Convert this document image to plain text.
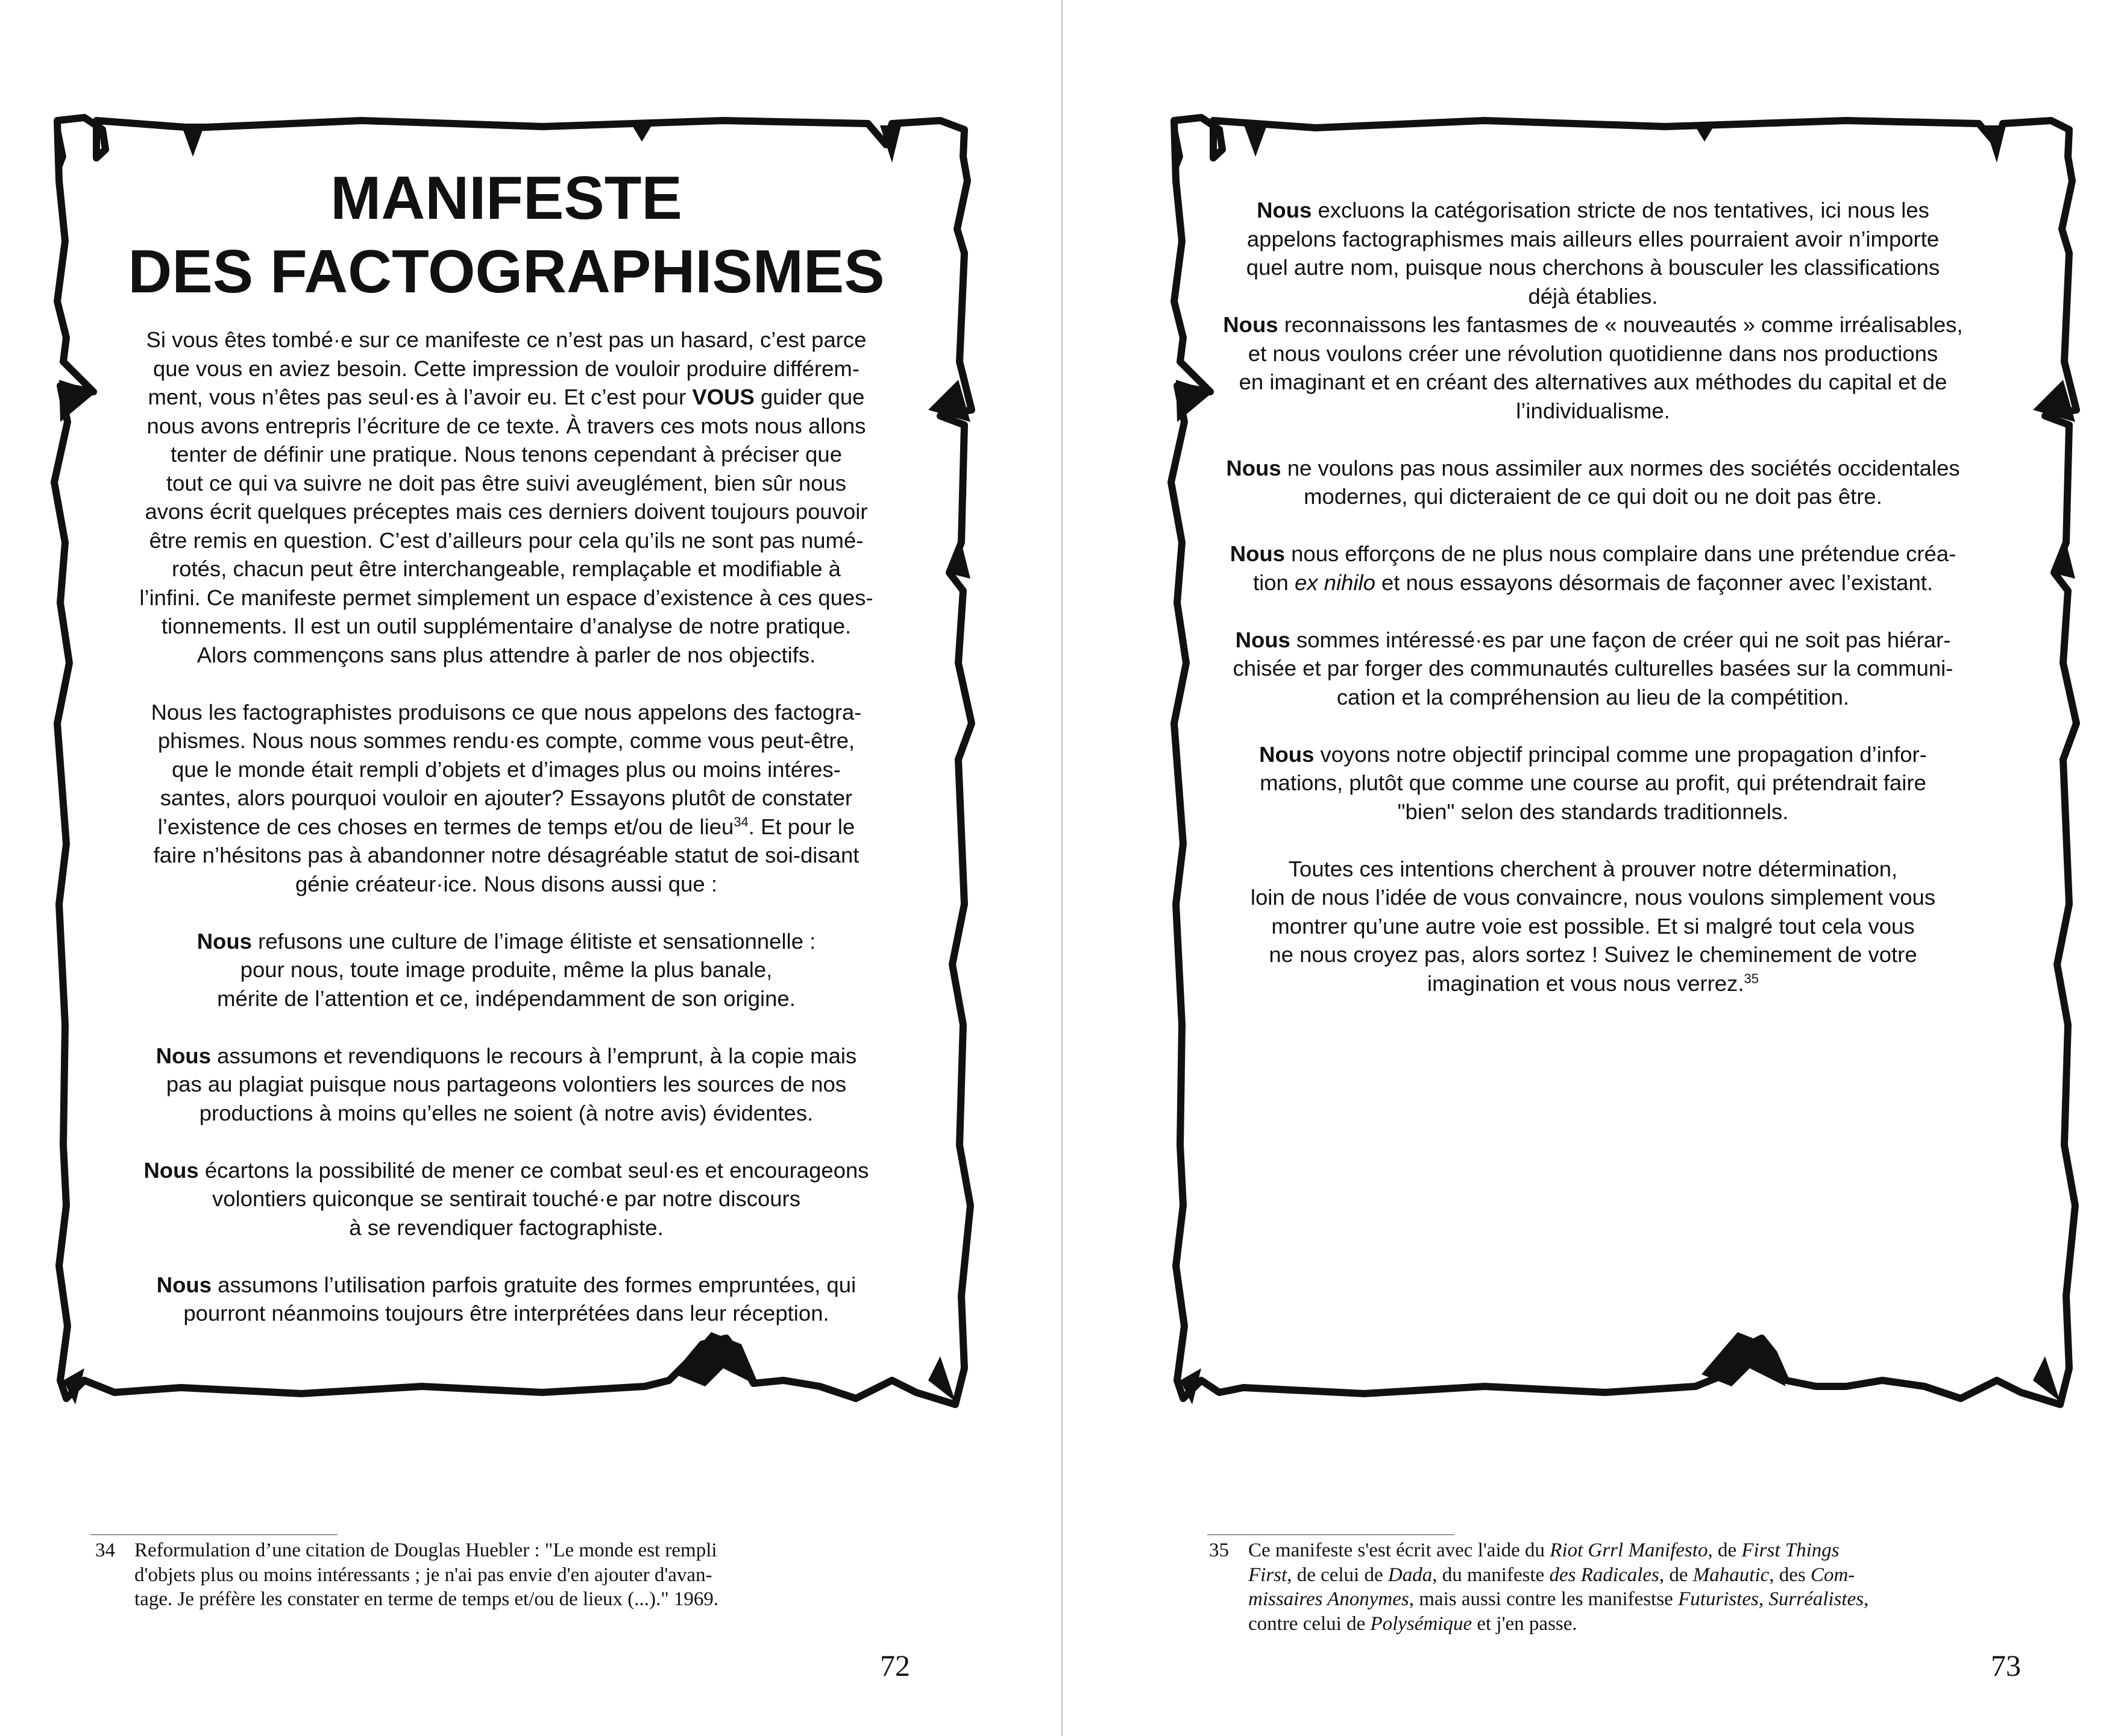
MANIFESTE
DES FACTOGRAPHISMES
Si vous êtes tombé·e sur ce manifeste ce n’est pas un hasard, c’est parce
que vous en aviez besoin. Cette impression de vouloir produire différem-
ment, vous n’êtes pas seul·es à l’avoir eu. Et c’est pour VOUS guider que
nous avons entrepris l’écriture de ce texte. À travers ces mots nous allons
tenter de définir une pratique. Nous tenons cependant à préciser que
tout ce qui va suivre ne doit pas être suivi aveuglément, bien sûr nous
avons écrit quelques préceptes mais ces derniers doivent toujours pouvoir
être remis en question. C’est d’ailleurs pour cela qu’ils ne sont pas numé-
rotés, chacun peut être interchangeable, remplaçable et modifiable à
l’infini. Ce manifeste permet simplement un espace d’existence à ces ques-
tionnements. Il est un outil supplémentaire d’analyse de notre pratique.
Alors commençons sans plus attendre à parler de nos objectifs.
Nous les factographistes produisons ce que nous appelons des factogra-
phismes. Nous nous sommes rendu·es compte, comme vous peut-être,
que le monde était rempli d’objets et d’images plus ou moins intéres-
santes, alors pourquoi vouloir en ajouter? Essayons plutôt de constater
l’existence de ces choses en termes de temps et/ou de lieu$^{34}$. Et pour le
faire n’hésitons pas à abandonner notre désagréable statut de soi-disant
génie créateur·ice. Nous disons aussi que :
Nous refusons une culture de l’image élitiste et sensationnelle :
pour nous, toute image produite, même la plus banale,
mérite de l’attention et ce, indépendamment de son origine.
Nous assumons et revendiquons le recours à l’emprunt, à la copie mais
pas au plagiat puisque nous partageons volontiers les sources de nos
productions à moins qu’elles ne soient (à notre avis) évidentes.
Nous écartons la possibilité de mener ce combat seul·es et encourageons
volontiers quiconque se sentirait touché·e par notre discours
à se revendiquer factographiste.
Nous assumons l’utilisation parfois gratuite des formes empruntées, qui
pourront néanmoins toujours être interprétées dans leur réception.
34 Reformulation d’une citation de Douglas Huebler : "Le monde est rempli
d'objets plus ou moins intéressants ; je n'ai pas envie d'en ajouter d'avan-
tage. Je préfère les constater en terme de temps et/ou de lieux (...)." 1969.
72
Nous excluons la catégorisation stricte de nos tentatives, ici nous les
appelons factographismes mais ailleurs elles pourraient avoir n’importe
quel autre nom, puisque nous cherchons à bousculer les classifications
déjà établies.
Nous reconnaissons les fantasmes de « nouveautés » comme irréalisables,
et nous voulons créer une révolution quotidienne dans nos productions
en imaginant et en créant des alternatives aux méthodes du capital et de
l’individualisme.
Nous ne voulons pas nous assimiler aux normes des sociétés occidentales
modernes, qui dicteraient de ce qui doit ou ne doit pas être.
Nous nous efforçons de ne plus nous complaire dans une prétendue créa-
tion ex nihilo et nous essayons désormais de façonner avec l’existant.
Nous sommes intéressé·es par une façon de créer qui ne soit pas hiérar-
chisée et par forger des communautés culturelles basées sur la communi-
cation et la compréhension au lieu de la compétition.
Nous voyons notre objectif principal comme une propagation d’infor-
mations, plutôt que comme une course au profit, qui prétendrait faire
"bien" selon des standards traditionnels.
Toutes ces intentions cherchent à prouver notre détermination,
loin de nous l’idée de vous convaincre, nous voulons simplement vous
montrer qu’une autre voie est possible. Et si malgré tout cela vous
ne nous croyez pas, alors sortez ! Suivez le cheminement de votre
imagination et vous nous verrez.$^{35}$
35 Ce manifeste s'est écrit avec l'aide du Riot Grrl Manifesto, de First Things
First, de celui de Dada, du manifeste des Radicales, de Mahautic, des Com-
missaires Anonymes, mais aussi contre les manifestse Futuristes, Surréalistes,
contre celui de Polysémique et j'en passe.
73
